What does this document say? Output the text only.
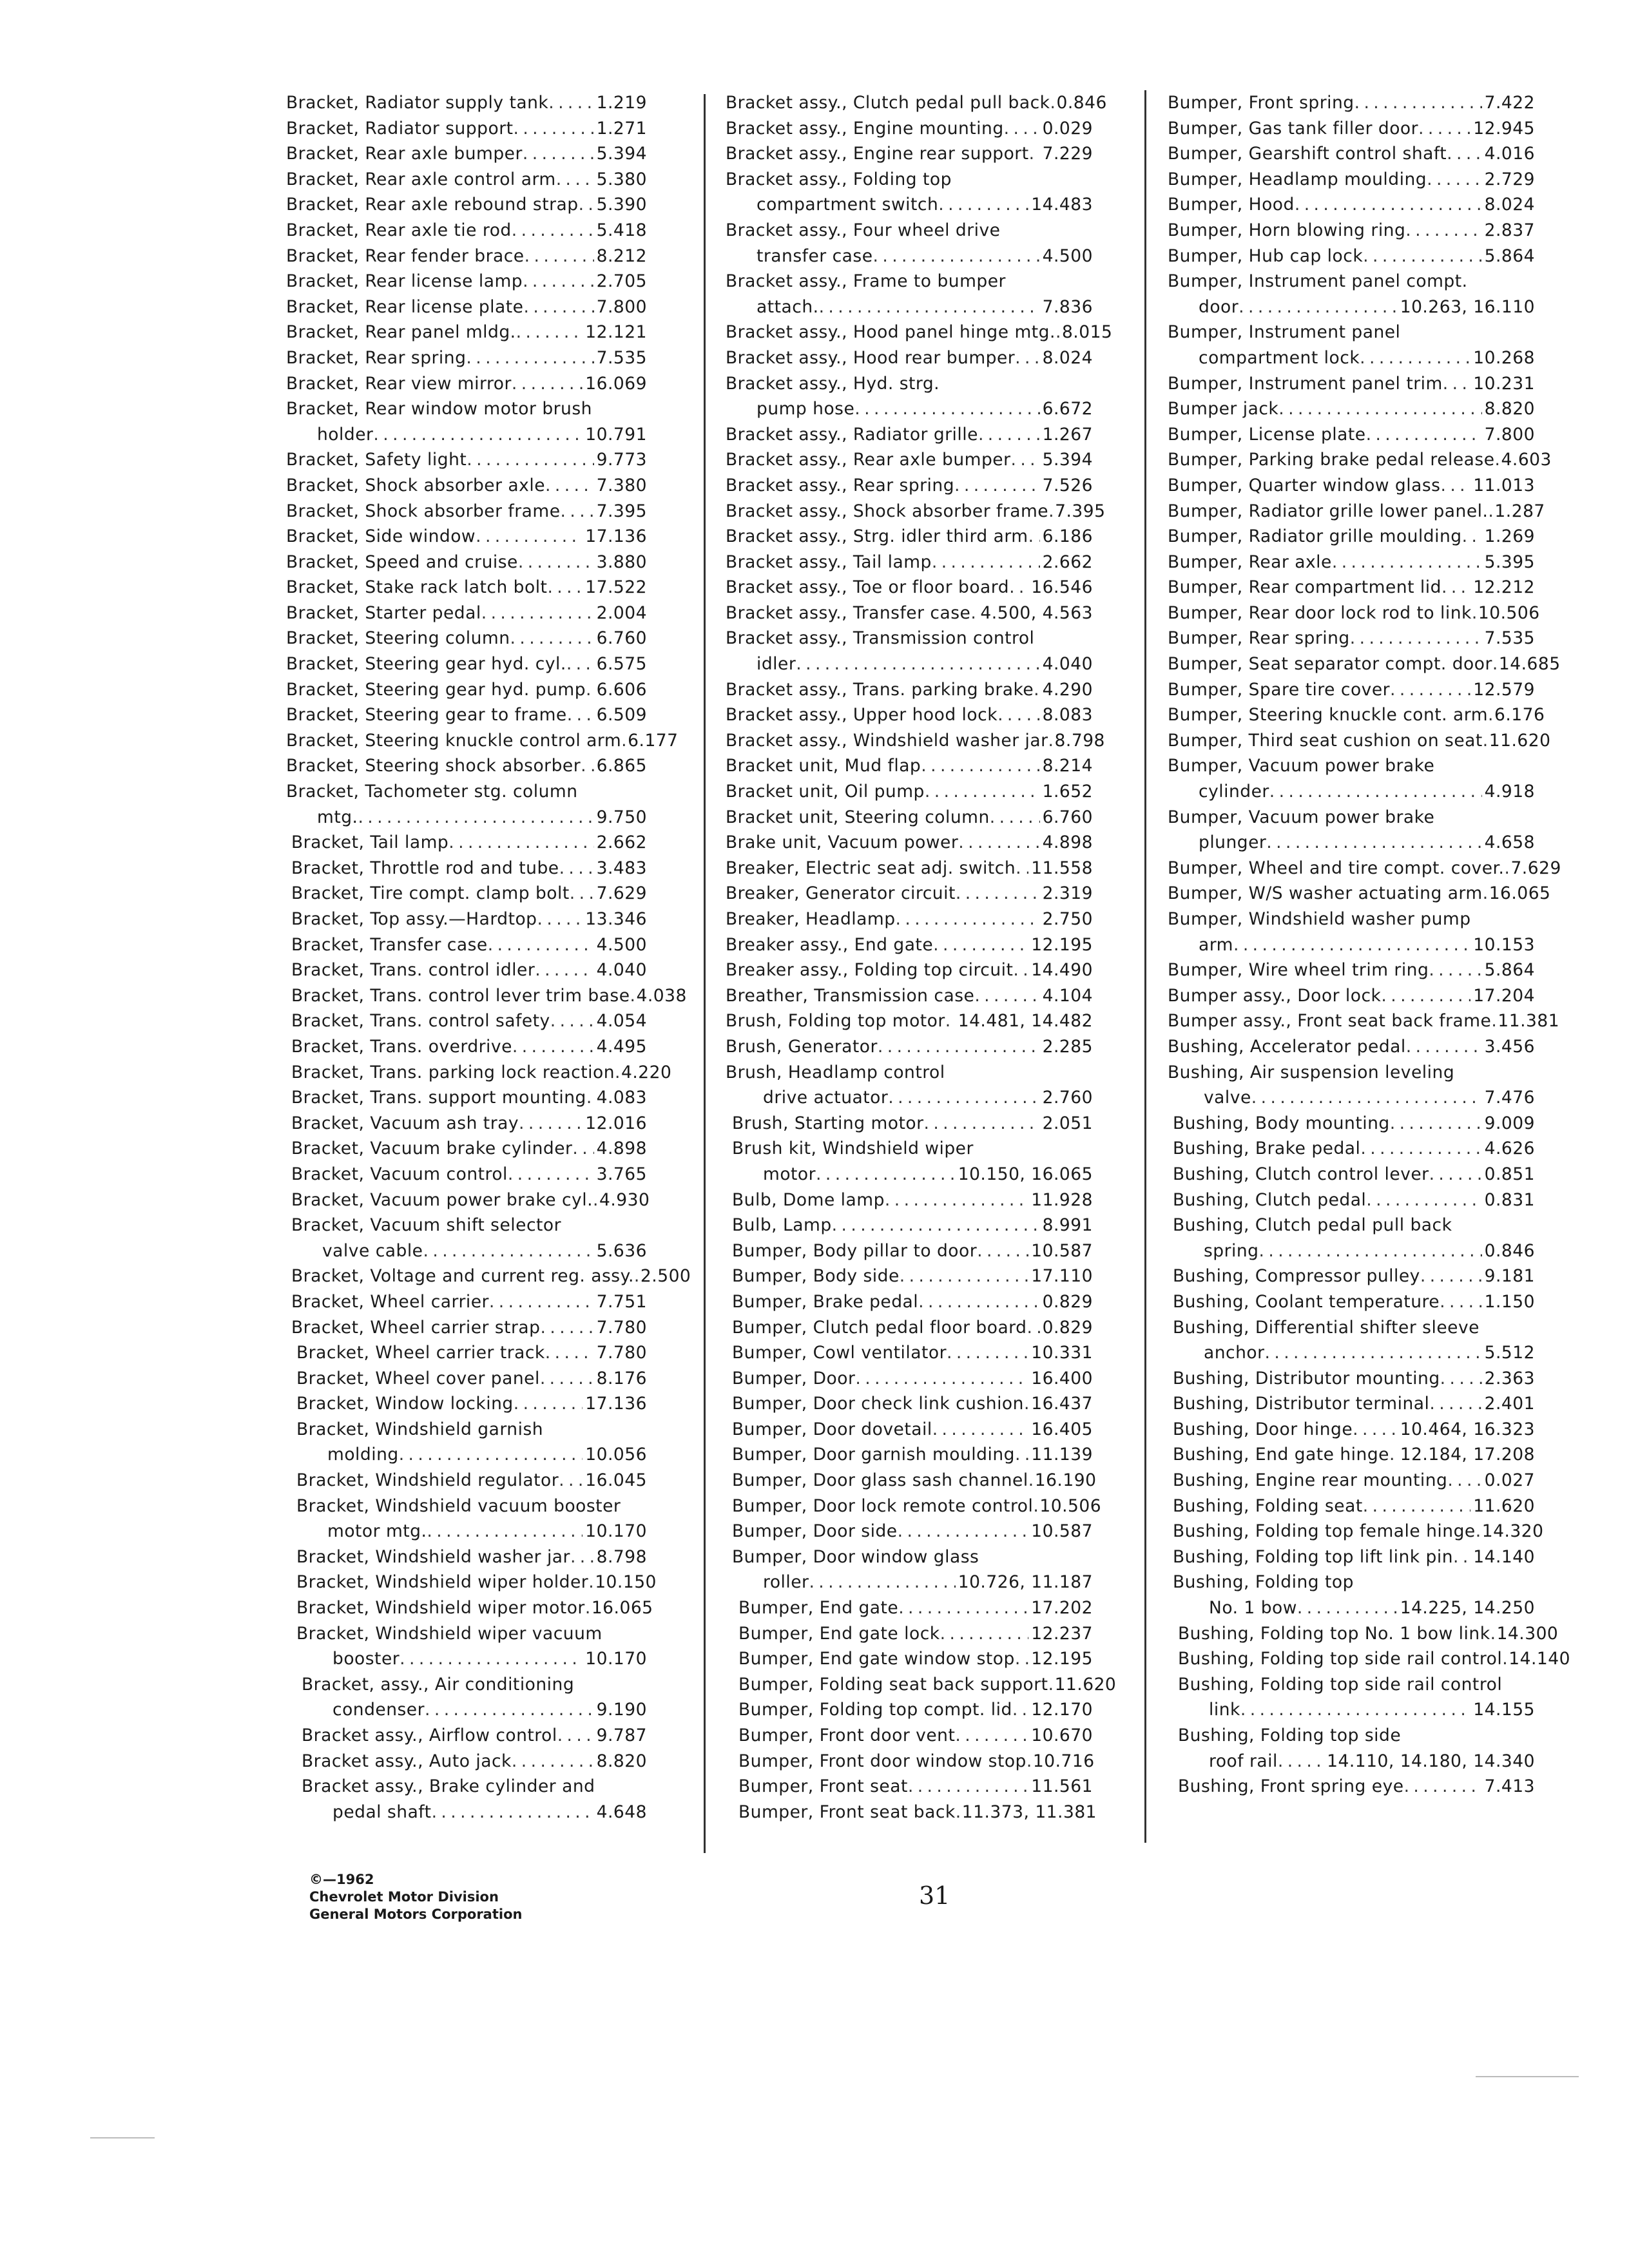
Bracket, Radiator supply tank . . .	1.219
Bracket, Radiator support . . .	1.271
Bracket, Rear axle bumper . . .	5.394
Bracket, Rear axle control arm . . . 5.380
Bracket, Rear axle rebound strap . . . 5.390
Bracket, Rear axle tie rod . . .	5.418
Bracket, Rear fender brace . . .	8.212
Bracket, Rear license lamp . . .	2.705
Bracket, Rear license plate . . .	7.800
Bracket, Rear panel mldg. . . .	12.121
Bracket, Rear spring . . .	7.535
Bracket, Rear view mirror . . .	16.069
Bracket, Rear window motor brush
holder . . .	10.791
Bracket, Safety light . . .	9.773
Bracket, Shock absorber axle . . .	7.380
Bracket, Shock absorber frame . . . 7.395
Bracket, Side window . . .	17.136
Bracket, Speed and cruise . . .	3.880
Bracket, Stake rack latch bolt . . . 17.522
Bracket, Starter pedal . . .	2.004
Bracket, Steering column . . .	6.760
Bracket, Steering gear hyd. cyl. . . . 6.575
Bracket, Steering gear hyd. pump . . . 6.606
Bracket, Steering gear to frame . . . 6.509
Bracket, Steering knuckle control arm . . . 6.177
Bracket, Steering shock absorber . . . 6.865
Bracket, Tachometer stg. column
mtg. . . .	9.750
Bracket, Tail lamp . . .	2.662
Bracket, Throttle rod and tube . . . 3.483
Bracket, Tire compt. clamp bolt . . . 7.629
Bracket, Top assy.—Hardtop . . .	13.346
Bracket, Transfer case . . .	4.500
Bracket, Trans. control idler . . .	4.040
Bracket, Trans. control lever trim base . . . 4.038
Bracket, Trans. control safety . . .	4.054
Bracket, Trans. overdrive . . .	4.495
Bracket, Trans. parking lock reaction . . . 4.220
Bracket, Trans. support mounting . . . 4.083
Bracket, Vacuum ash tray . . .	12.016
Bracket, Vacuum brake cylinder . . . 4.898
Bracket, Vacuum control . . .	3.765
Bracket, Vacuum power brake cyl. . . . 4.930
Bracket, Vacuum shift selector
valve cable . . .	5.636
Bracket, Voltage and current reg. assy. . . . 2.500
Bracket, Wheel carrier . . .	7.751
Bracket, Wheel carrier strap . . .	7.780
Bracket, Wheel carrier track . . .	7.780
Bracket, Wheel cover panel . . .	8.176
Bracket, Window locking . . .	17.136
Bracket, Windshield garnish
molding . . .	10.056
Bracket, Windshield regulator . . . 16.045
Bracket, Windshield vacuum booster
motor mtg. . . .	10.170
Bracket, Windshield washer jar . . . 8.798
Bracket, Windshield wiper holder . . . 10.150
Bracket, Windshield wiper motor . . . 16.065
Bracket, Windshield wiper vacuum
booster . . .	10.170
Bracket, assy., Air conditioning
condenser . . .	9.190
Bracket assy., Airflow control . . . 9.787
Bracket assy., Auto jack . . .	8.820
Bracket assy., Brake cylinder and
pedal shaft . . .	4.648
Bracket assy., Clutch pedal pull back . . . 0.846
Bracket assy., Engine mounting . . . 0.029
Bracket assy., Engine rear support . . . 7.229
Bracket assy., Folding top
compartment switch . . .	14.483
Bracket assy., Four wheel drive
transfer case . . .	4.500
Bracket assy., Frame to bumper
attach. . . .	7.836
Bracket assy., Hood panel hinge mtg. . . . 8.015
Bracket assy., Hood rear bumper . . . 8.024
Bracket assy., Hyd. strg.
pump hose . . .	6.672
Bracket assy., Radiator grille . . .	1.267
Bracket assy., Rear axle bumper . . . 5.394
Bracket assy., Rear spring . . .	7.526
Bracket assy., Shock absorber frame . . . 7.395
Bracket assy., Strg. idler third arm . . . 6.186
Bracket assy., Tail lamp . . .	2.662
Bracket assy., Toe or floor board . . . 16.546
Bracket assy., Transfer case . . . 4.500, 4.563
Bracket assy., Transmission control
idler . . .	4.040
Bracket assy., Trans. parking brake . . . 4.290
Bracket assy., Upper hood lock . . .	8.083
Bracket assy., Windshield washer jar . . . 8.798
Bracket unit, Mud flap . . .	8.214
Bracket unit, Oil pump . . .	1.652
Bracket unit, Steering column . . .	6.760
Brake unit, Vacuum power . . .	4.898
Breaker, Electric seat adj. switch . . . 11.558
Breaker, Generator circuit . . .	2.319
Breaker, Headlamp . . .	2.750
Breaker assy., End gate . . .	12.195
Breaker assy., Folding top circuit . . . 14.490
Breather, Transmission case . . .	4.104
Brush, Folding top motor . . . 14.481, 14.482
Brush, Generator . . .	2.285
Brush, Headlamp control
drive actuator . . .	2.760
Brush, Starting motor . . .	2.051
Brush kit, Windshield wiper
motor . . .	10.150, 16.065
Bulb, Dome lamp . . .	11.928
Bulb, Lamp . . .	8.991
Bumper, Body pillar to door . . .	10.587
Bumper, Body side . . .	17.110
Bumper, Brake pedal . . .	0.829
Bumper, Clutch pedal floor board . . . 0.829
Bumper, Cowl ventilator . . .	10.331
Bumper, Door . . .	16.400
Bumper, Door check link cushion . . . 16.437
Bumper, Door dovetail . . .	16.405
Bumper, Door garnish moulding . . . 11.139
Bumper, Door glass sash channel . . . 16.190
Bumper, Door lock remote control . . . 10.506
Bumper, Door side . . .	10.587
Bumper, Door window glass
roller . . .	10.726, 11.187
Bumper, End gate . . .	17.202
Bumper, End gate lock . . .	12.237
Bumper, End gate window stop . . . 12.195
Bumper, Folding seat back support . . . 11.620
Bumper, Folding top compt. lid . . . 12.170
Bumper, Front door vent . . .	10.670
Bumper, Front door window stop . . . 10.716
Bumper, Front seat . . .	11.561
Bumper, Front seat back . . . 11.373, 11.381
Bumper, Front spring . . .	7.422
Bumper, Gas tank filler door . . .	12.945
Bumper, Gearshift control shaft . . . 4.016
Bumper, Headlamp moulding . . .	2.729
Bumper, Hood . . .	8.024
Bumper, Horn blowing ring . . .	2.837
Bumper, Hub cap lock . . .	5.864
Bumper, Instrument panel compt.
door . . .	10.263, 16.110
Bumper, Instrument panel
compartment lock . . .	10.268
Bumper, Instrument panel trim . . . 10.231
Bumper jack . . .	8.820
Bumper, License plate . . .	7.800
Bumper, Parking brake pedal release . . . 4.603
Bumper, Quarter window glass . . . 11.013
Bumper, Radiator grille lower panel. . . . 1.287
Bumper, Radiator grille moulding . . . 1.269
Bumper, Rear axle . . .	5.395
Bumper, Rear compartment lid . . . 12.212
Bumper, Rear door lock rod to link . . . 10.506
Bumper, Rear spring . . .	7.535
Bumper, Seat separator compt. door . . . 14.685
Bumper, Spare tire cover . . .	12.579
Bumper, Steering knuckle cont. arm . . . 6.176
Bumper, Third seat cushion on seat . . . 11.620
Bumper, Vacuum power brake
cylinder . . .	4.918
Bumper, Vacuum power brake
plunger . . .	4.658
Bumper, Wheel and tire compt. cover. . . . 7.629
Bumper, W/S washer actuating arm . . . 16.065
Bumper, Windshield washer pump
arm . . .	10.153
Bumper, Wire wheel trim ring . . .	5.864
Bumper assy., Door lock . . .	17.204
Bumper assy., Front seat back frame . . . 11.381
Bushing, Accelerator pedal . . .	3.456
Bushing, Air suspension leveling
valve . . .	7.476
Bushing, Body mounting . . .	9.009
Bushing, Brake pedal . . .	4.626
Bushing, Clutch control lever . . .	0.851
Bushing, Clutch pedal . . .	0.831
Bushing, Clutch pedal pull back
spring . . .	0.846
Bushing, Compressor pulley . . .	9.181
Bushing, Coolant temperature . . .	1.150
Bushing, Differential shifter sleeve
anchor . . .	5.512
Bushing, Distributor mounting . . .	2.363
Bushing, Distributor terminal . . .	2.401
Bushing, Door hinge . . .	10.464, 16.323
Bushing, End gate hinge . . . 12.184, 17.208
Bushing, Engine rear mounting . . . 0.027
Bushing, Folding seat . . .	11.620
Bushing, Folding top female hinge . . . 14.320
Bushing, Folding top lift link pin . . . 14.140
Bushing, Folding top
No. 1 bow . . .	14.225, 14.250
Bushing, Folding top No. 1 bow link . . . 14.300
Bushing, Folding top side rail control . . . 14.140
Bushing, Folding top side rail control
link . . .	14.155
Bushing, Folding top side
roof rail . . .	14.110, 14.180, 14.340
Bushing, Front spring eye . . .	7.413
©—1962
Chevrolet Motor Division
General Motors Corporation
31
